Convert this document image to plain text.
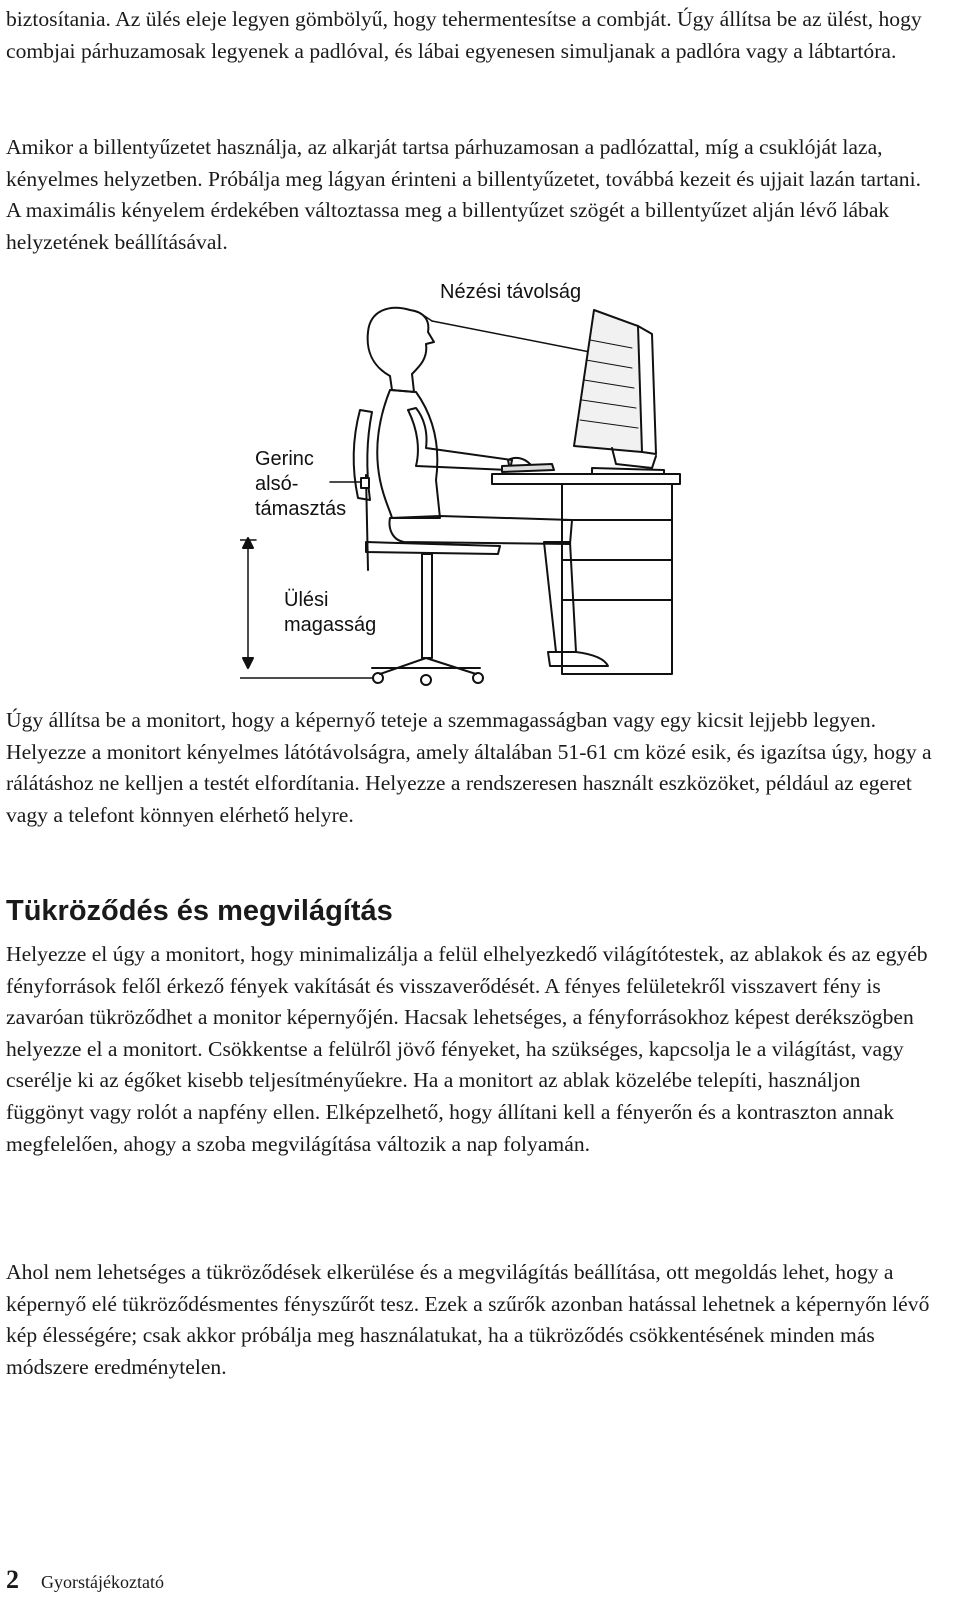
biztosítania. Az ülés eleje legyen gömbölyű, hogy tehermentesítse a combját. Úgy állítsa be az ülést, hogy combjai párhuzamosak legyenek a padlóval, és lábai egyenesen simuljanak a padlóra vagy a lábtartóra.

Amikor a billentyűzetet használja, az alkarját tartsa párhuzamosan a padlózattal, míg a csuklóját laza, kényelmes helyzetben. Próbálja meg lágyan érinteni a billentyűzetet, továbbá kezeit és ujjait lazán tartani. A maximális kényelem érdekében változtassa meg a billentyűzet szögét a billentyűzet alján lévő lábak helyzetének beállításával.

Nézési távolság
Gerinc
alsó-
támasztás
Ülési
magasság

Úgy állítsa be a monitort, hogy a képernyő teteje a szemmagasságban vagy egy kicsit lejjebb legyen. Helyezze a monitort kényelmes látótávolságra, amely általában 51-61 cm közé esik, és igazítsa úgy, hogy a rálátáshoz ne kelljen a testét elfordítania. Helyezze a rendszeresen használt eszközöket, például az egeret vagy a telefont könnyen elérhető helyre.

Tükröződés és megvilágítás

Helyezze el úgy a monitort, hogy minimalizálja a felül elhelyezkedő világítótestek, az ablakok és az egyéb fényforrások felől érkező fények vakítását és visszaverődését. A fényes felületekről visszavert fény is zavaróan tükröződhet a monitor képernyőjén. Hacsak lehetséges, a fényforrásokhoz képest derékszögben helyezze el a monitort. Csökkentse a felülről jövő fényeket, ha szükséges, kapcsolja le a világítást, vagy cserélje ki az égőket kisebb teljesítményűekre. Ha a monitort az ablak közelébe telepíti, használjon függönyt vagy rolót a napfény ellen. Elképzelhető, hogy állítani kell a fényerőn és a kontraszton annak megfelelően, ahogy a szoba megvilágítása változik a nap folyamán.

Ahol nem lehetséges a tükröződések elkerülése és a megvilágítás beállítása, ott megoldás lehet, hogy a képernyő elé tükröződésmentes fényszűrőt tesz. Ezek a szűrők azonban hatással lehetnek a képernyőn lévő kép élességére; csak akkor próbálja meg használatukat, ha a tükröződés csökkentésének minden más módszere eredménytelen.

2 Gyorstájékoztató
